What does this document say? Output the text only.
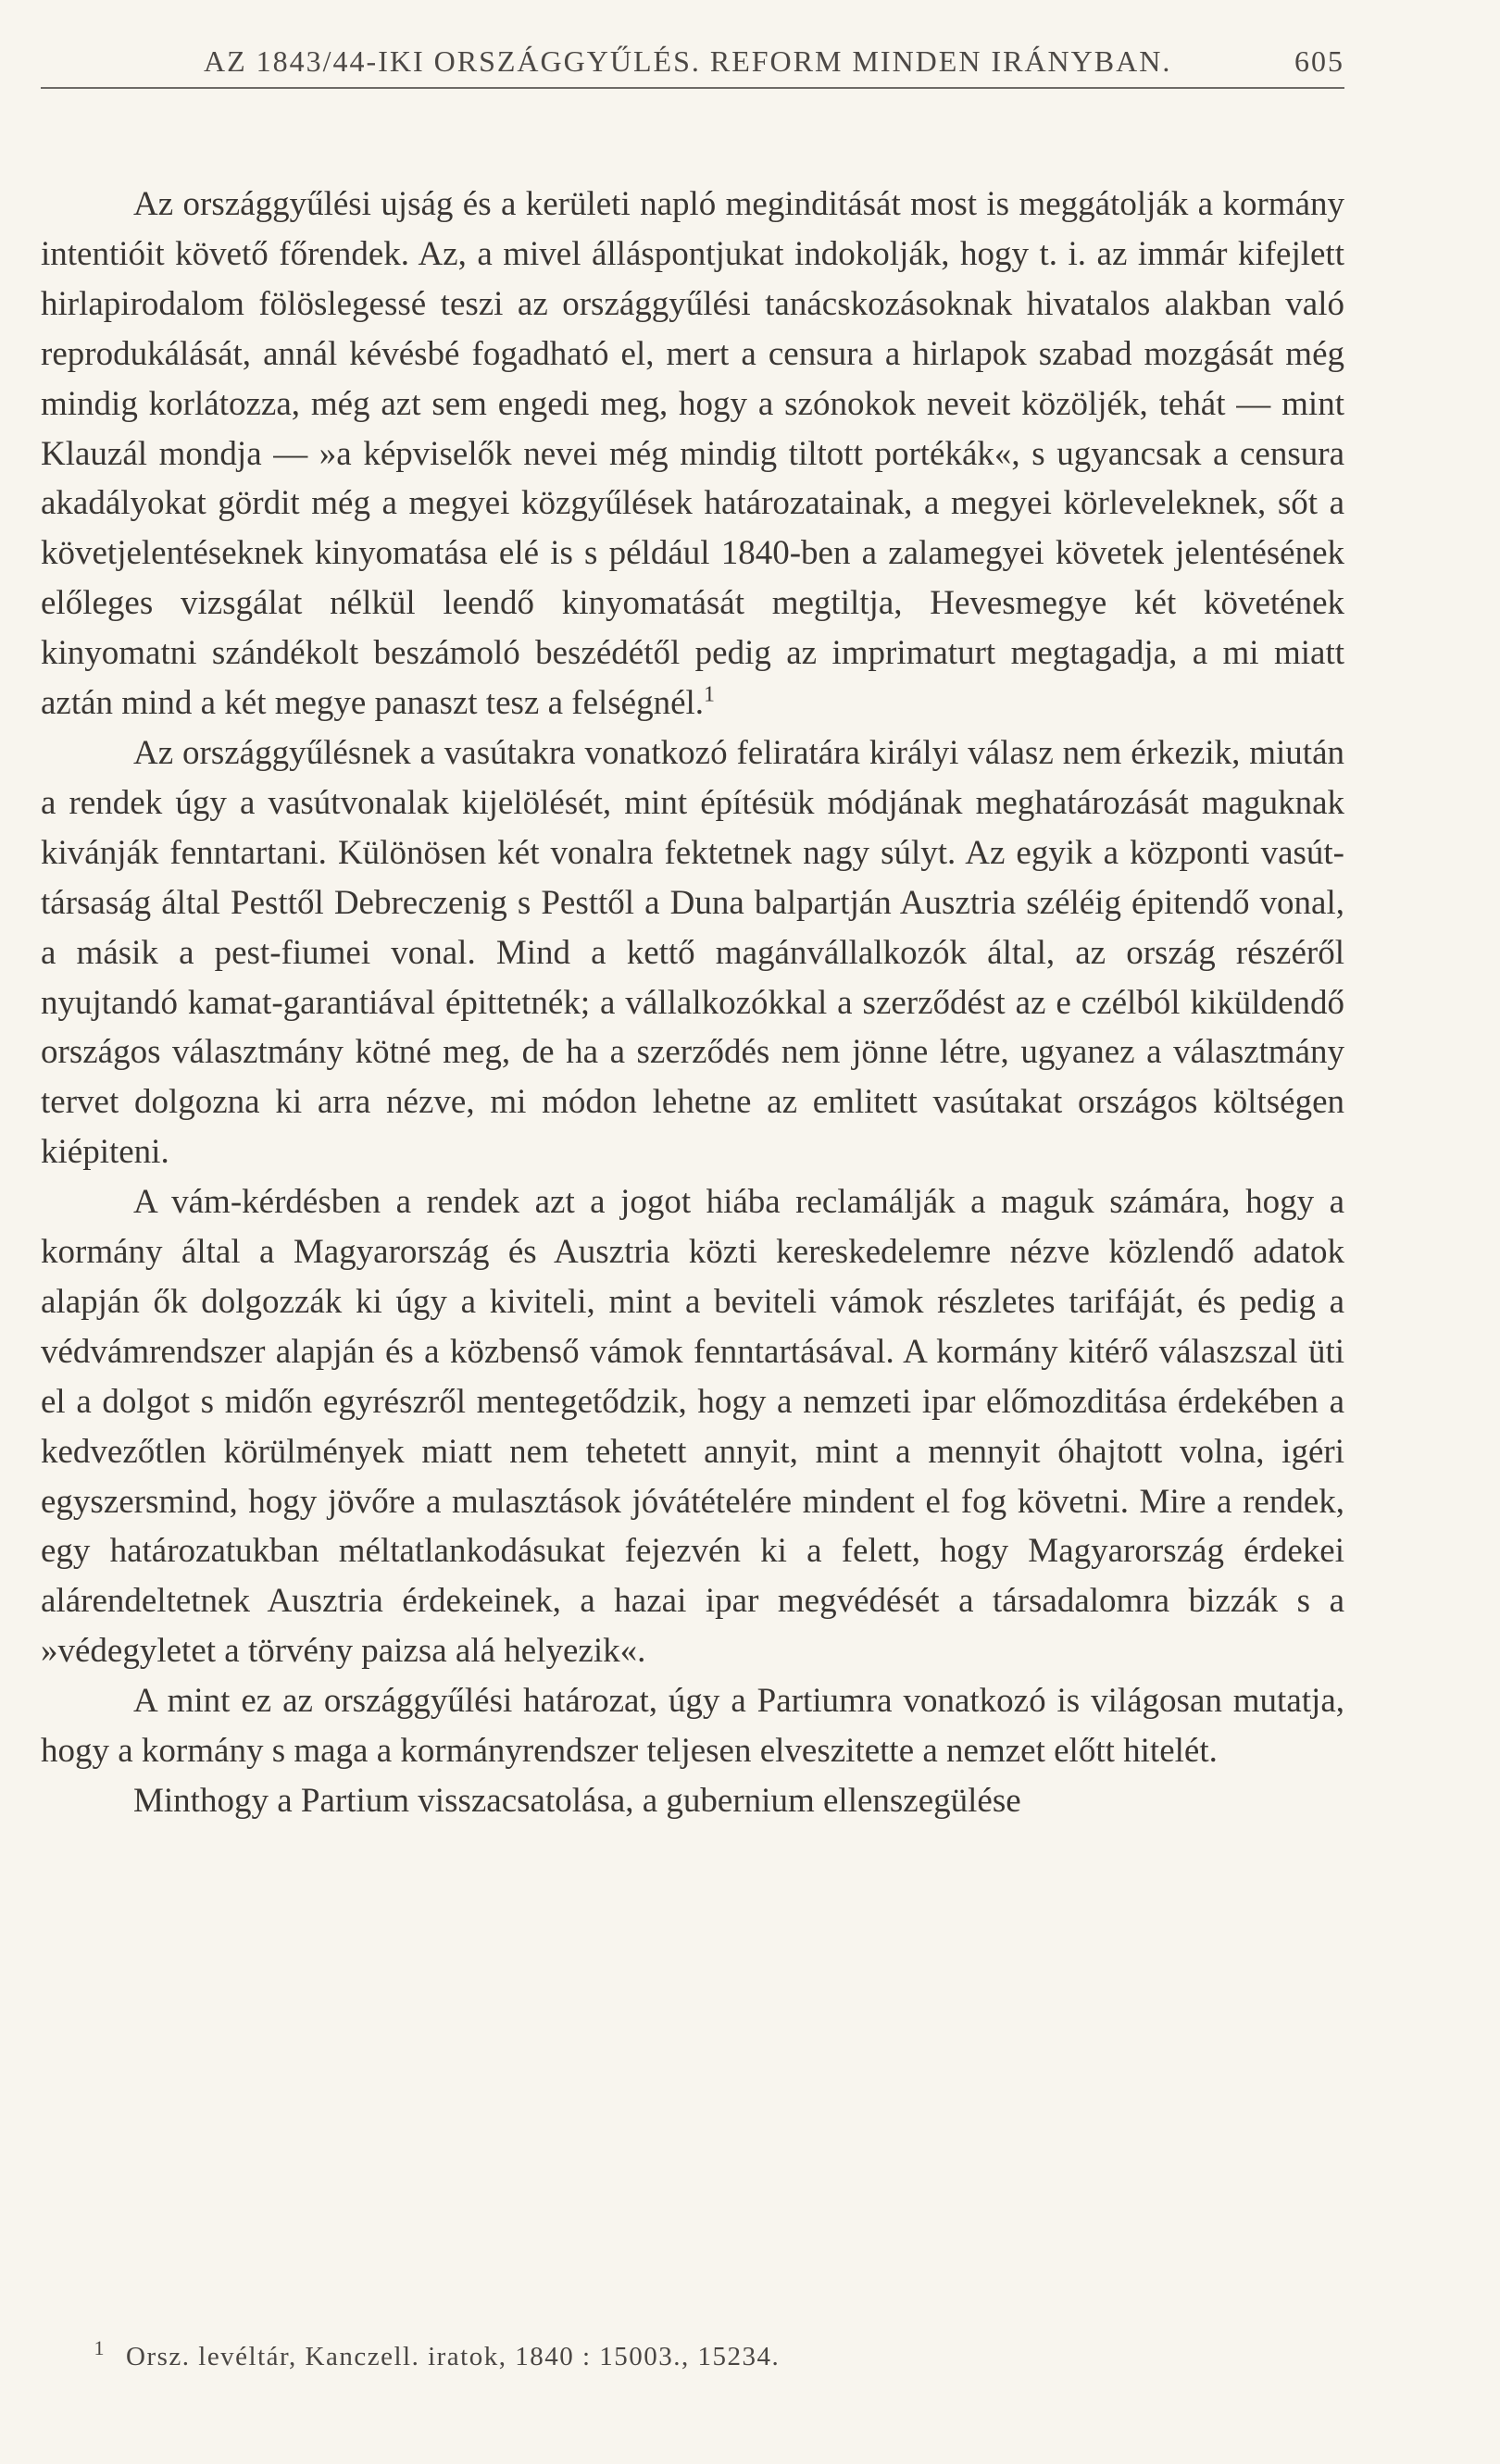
AZ 1843/44-IKI ORSZÁGGYŰLÉS. REFORM MINDEN IRÁNYBAN.	605

Az országgyűlési ujság és a kerületi napló meginditását most is meggátolják a kormány intentióit követő főrendek. Az, a mivel álláspontjukat indokolják, hogy t. i. az immár kifejlett hirlapirodalom fölöslegessé teszi az országgyűlési tanácskozásoknak hivatalos alakban való reprodukálását, annál kévésbé fogadható el, mert a censura a hirlapok szabad mozgását még mindig korlátozza, még azt sem engedi meg, hogy a szónokok neveit közöljék, tehát — mint Klauzál mondja — »a képviselők nevei még mindig tiltott portékák«, s ugyancsak a censura akadályokat gördit még a megyei közgyűlések határozatainak, a megyei körleveleknek, sőt a követjelentéseknek kinyomatása elé is s például 1840-ben a zalamegyei követek jelentésének előleges vizsgálat nélkül leendő kinyomatását megtiltja, Hevesmegye két követének kinyomatni szándékolt beszámoló beszédétől pedig az imprimaturt megtagadja, a mi miatt aztán mind a két megye panaszt tesz a felségnél.$^1$

Az országgyűlésnek a vasútakra vonatkozó feliratára királyi válasz nem érkezik, miután a rendek úgy a vasútvonalak kijelölését, mint építésük módjának meghatározását maguknak kivánják fenntartani. Különösen két vonalra fektetnek nagy súlyt. Az egyik a központi vasút-társaság által Pesttől Debreczenig s Pesttől a Duna balpartján Ausztria széléig épitendő vonal, a másik a pest-fiumei vonal. Mind a kettő magánvállalkozók által, az ország részéről nyujtandó kamat-garantiával épittetnék; a vállalkozókkal a szerződést az e czélból kiküldendő országos választmány kötné meg, de ha a szerződés nem jönne létre, ugyanez a választmány tervet dolgozna ki arra nézve, mi módon lehetne az emlitett vasútakat országos költségen kiépiteni.

A vám-kérdésben a rendek azt a jogot hiába reclamálják a maguk számára, hogy a kormány által a Magyarország és Ausztria közti kereskedelemre nézve közlendő adatok alapján ők dolgozzák ki úgy a kiviteli, mint a beviteli vámok részletes tarifáját, és pedig a védvámrendszer alapján és a közbenső vámok fenntartásával. A kormány kitérő válaszszal üti el a dolgot s midőn egyrészről mentegetődzik, hogy a nemzeti ipar előmozditása érdekében a kedvezőtlen körülmények miatt nem tehetett annyit, mint a mennyit óhajtott volna, igéri egyszersmind, hogy jövőre a mulasztások jóvátételére mindent el fog követni. Mire a rendek, egy határozatukban méltatlankodásukat fejezvén ki a felett, hogy Magyarország érdekei alárendeltetnek Ausztria érdekeinek, a hazai ipar megvédését a társadalomra bizzák s a »védegyletet a törvény paizsa alá helyezik«.

A mint ez az országgyűlési határozat, úgy a Partiumra vonatkozó is világosan mutatja, hogy a kormány s maga a kormányrendszer teljesen elveszitette a nemzet előtt hitelét.

Minthogy a Partium visszacsatolása, a gubernium ellenszegülése

1 Orsz. levéltár, Kanczell. iratok, 1840 : 15003., 15234.
